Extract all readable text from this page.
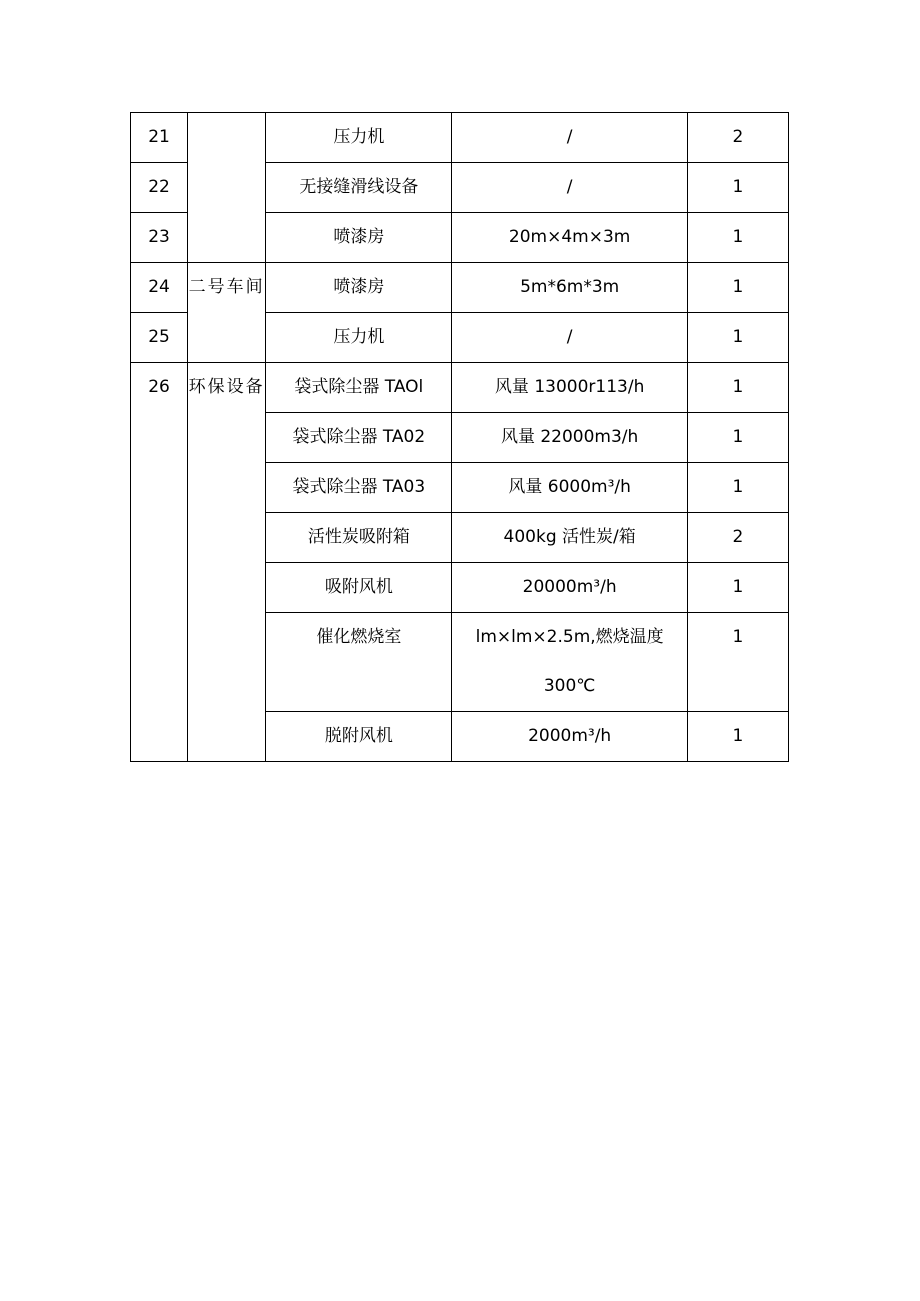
21		压力机	/	2
22		无接缝滑线设备	/	1
23		喷漆房	20m×4m×3m	1
24	二号车间	喷漆房	5m*6m*3m	1
25		压力机	/	1
26	环保设备	袋式除尘器 TAOl	风量 13000r113∕h	1
		袋式除尘器 TA02	风量 22000m3∕h	1
		袋式除尘器 TA03	风量 6000m³∕h	1
		活性炭吸附箱	400kg 活性炭/箱	2
		吸附风机	20000m³∕h	1
		催化燃烧室	lm×lm×2.5m,燃烧温度
300℃	1
		脱附风机	2000m³∕h	1
